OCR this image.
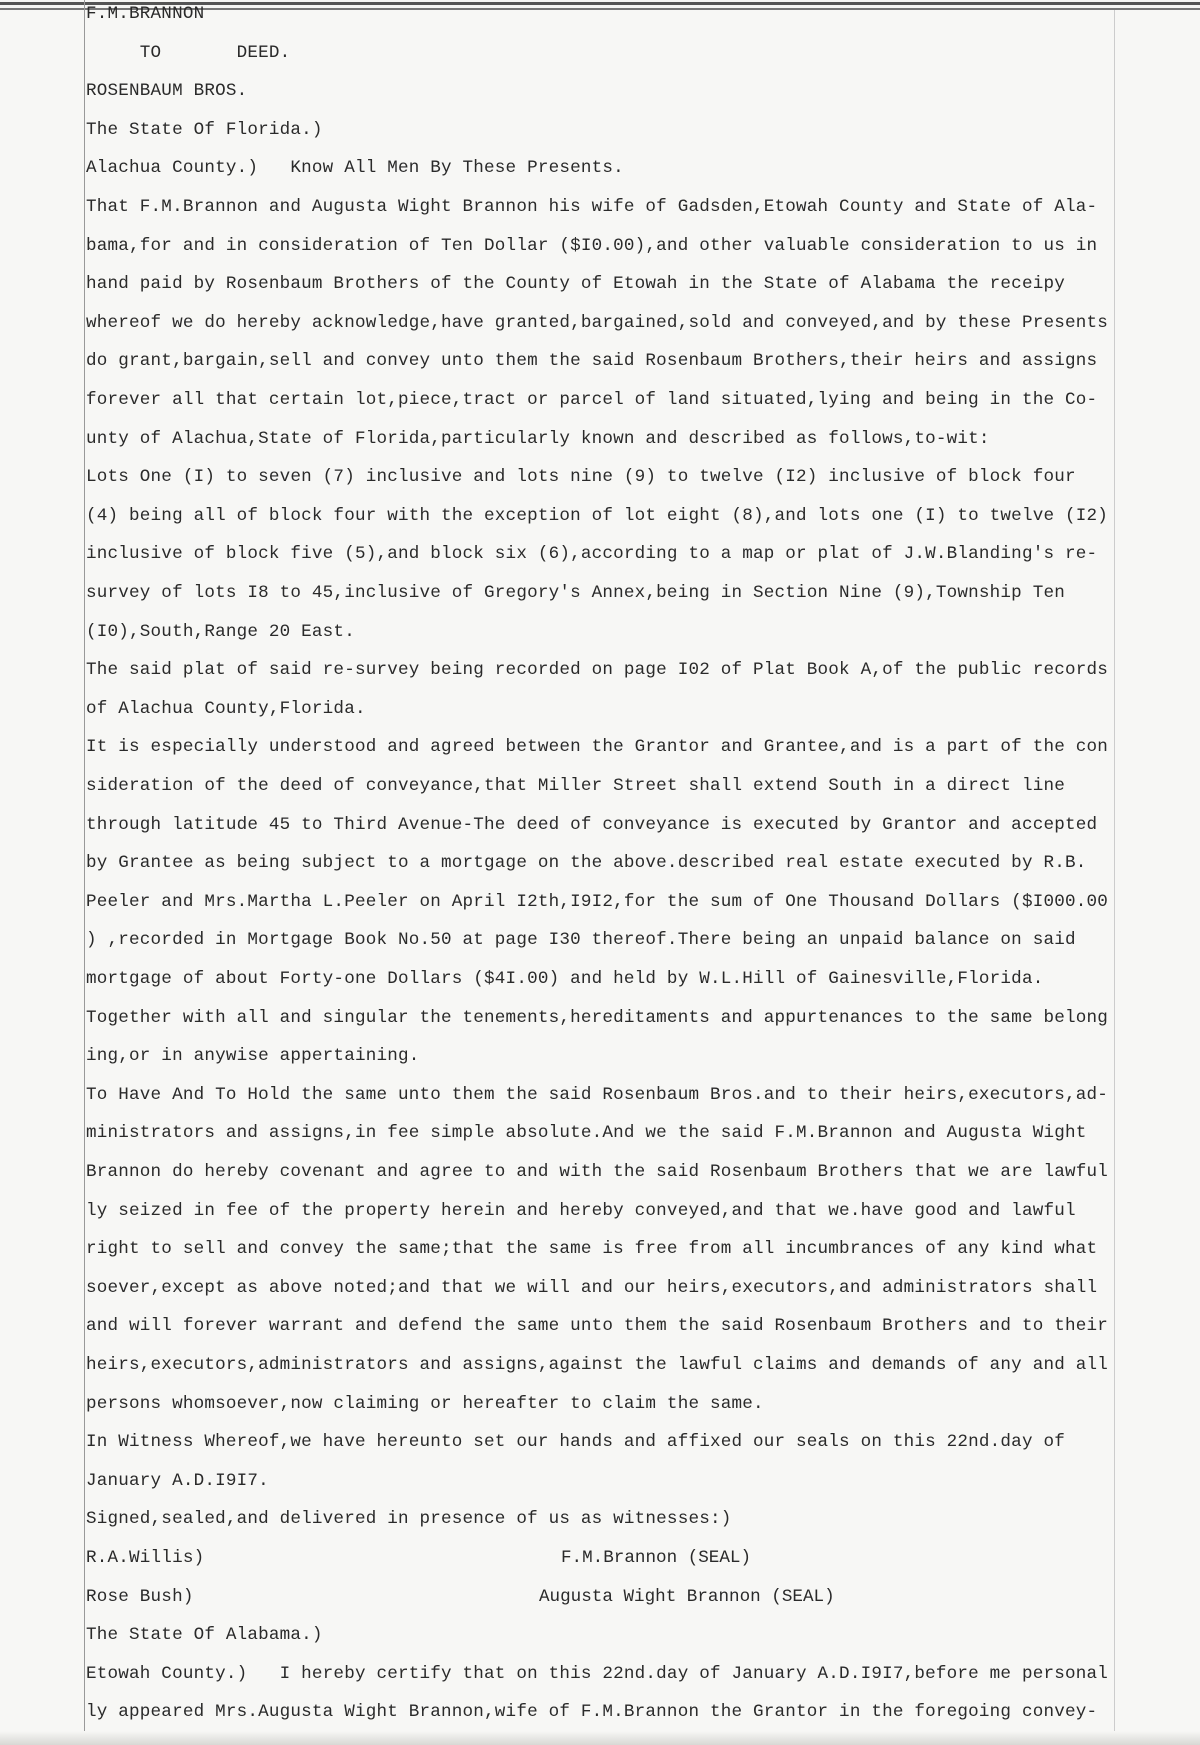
F.M.BRANNON
TO       DEED.
ROSENBAUM BROS.
The State Of Florida.)
Alachua County.)   Know All Men By These Presents.
That F.M.Brannon and Augusta Wight Brannon his wife of Gadsden,Etowah County and State of Ala-
bama,for and in consideration of Ten Dollar ($I0.00),and other valuable consideration to us in
hand paid by Rosenbaum Brothers of the County of Etowah in the State of Alabama the receipy
whereof we do hereby acknowledge,have granted,bargained,sold and conveyed,and by these Presents
do grant,bargain,sell and convey unto them the said Rosenbaum Brothers,their heirs and assigns
forever all that certain lot,piece,tract or parcel of land situated,lying and being in the Co-
unty of Alachua,State of Florida,particularly known and described as follows,to-wit:
Lots One (I) to seven (7) inclusive and lots nine (9) to twelve (I2) inclusive of block four
(4) being all of block four with the exception of lot eight (8),and lots one (I) to twelve (I2)
inclusive of block five (5),and block six (6),according to a map or plat of J.W.Blanding's re-
survey of lots I8 to 45,inclusive of Gregory's Annex,being in Section Nine (9),Township Ten
(I0),South,Range 20 East.
The said plat of said re-survey being recorded on page I02 of Plat Book A,of the public records
of Alachua County,Florida.
It is especially understood and agreed between the Grantor and Grantee,and is a part of the con
sideration of the deed of conveyance,that Miller Street shall extend South in a direct line
through latitude 45 to Third Avenue-The deed of conveyance is executed by Grantor and accepted
by Grantee as being subject to a mortgage on the above.described real estate executed by R.B.
Peeler and Mrs.Martha L.Peeler on April I2th,I9I2,for the sum of One Thousand Dollars ($I000.00
) ,recorded in Mortgage Book No.50 at page I30 thereof.There being an unpaid balance on said
mortgage of about Forty-one Dollars ($4I.00) and held by W.L.Hill of Gainesville,Florida.
Together with all and singular the tenements,hereditaments and appurtenances to the same belong
ing,or in anywise appertaining.
To Have And To Hold the same unto them the said Rosenbaum Bros.and to their heirs,executors,ad-
ministrators and assigns,in fee simple absolute.And we the said F.M.Brannon and Augusta Wight
Brannon do hereby covenant and agree to and with the said Rosenbaum Brothers that we are lawful
ly seized in fee of the property herein and hereby conveyed,and that we.have good and lawful
right to sell and convey the same;that the same is free from all incumbrances of any kind what
soever,except as above noted;and that we will and our heirs,executors,and administrators shall
and will forever warrant and defend the same unto them the said Rosenbaum Brothers and to their
heirs,executors,administrators and assigns,against the lawful claims and demands of any and all
persons whomsoever,now claiming or hereafter to claim the same.
In Witness Whereof,we have hereunto set our hands and affixed our seals on this 22nd.day of
January A.D.I9I7.
Signed,sealed,and delivered in presence of us as witnesses:)
R.A.Willis)
Rose Bush)
The State Of Alabama.)
Etowah County.)   I hereby certify that on this 22nd.day of January A.D.I9I7,before me personal
ly appeared Mrs.Augusta Wight Brannon,wife of F.M.Brannon the Grantor in the foregoing convey-
F.M.Brannon (SEAL)
Augusta Wight Brannon (SEAL)
